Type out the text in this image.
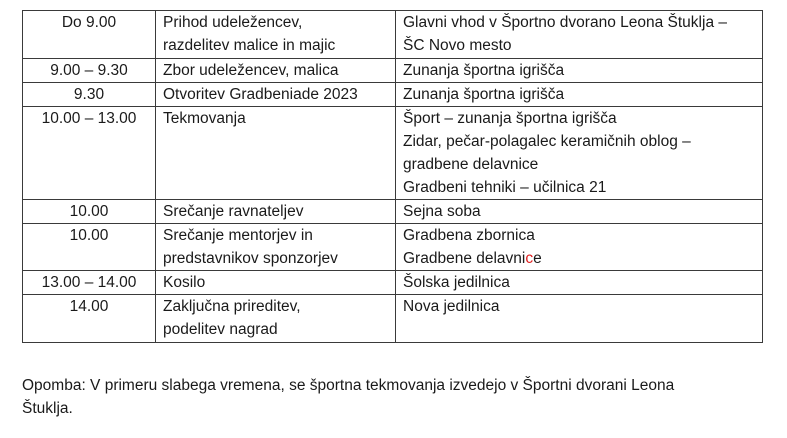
Do 9.00	Prihod udeležencev,
razdelitev malice in majic	Glavni vhod v Športno dvorano Leona Štuklja –
ŠC Novo mesto

9.00 – 9.30	Zbor udeležencev, malica	Zunanja športna igrišča

9.30	Otvoritev Gradbeniade 2023	Zunanja športna igrišča

10.00 – 13.00	Tekmovanja	Šport – zunanja športna igrišča
Zidar, pečar-polagalec keramičnih oblog –
gradbene delavnice
Gradbeni tehniki – učilnica 21

10.00	Srečanje ravnateljev	Sejna soba

10.00	Srečanje mentorjev in
predstavnikov sponzorjev	Gradbena zbornica
Gradbene delavnice

13.00 – 14.00	Kosilo	Šolska jedilnica

14.00	Zaključna prireditev,
podelitev nagrad	Nova jedilnica
Opomba: V primeru slabega vremena, se športna tekmovanja izvedejo v Športni dvorani Leona
Štuklja.
